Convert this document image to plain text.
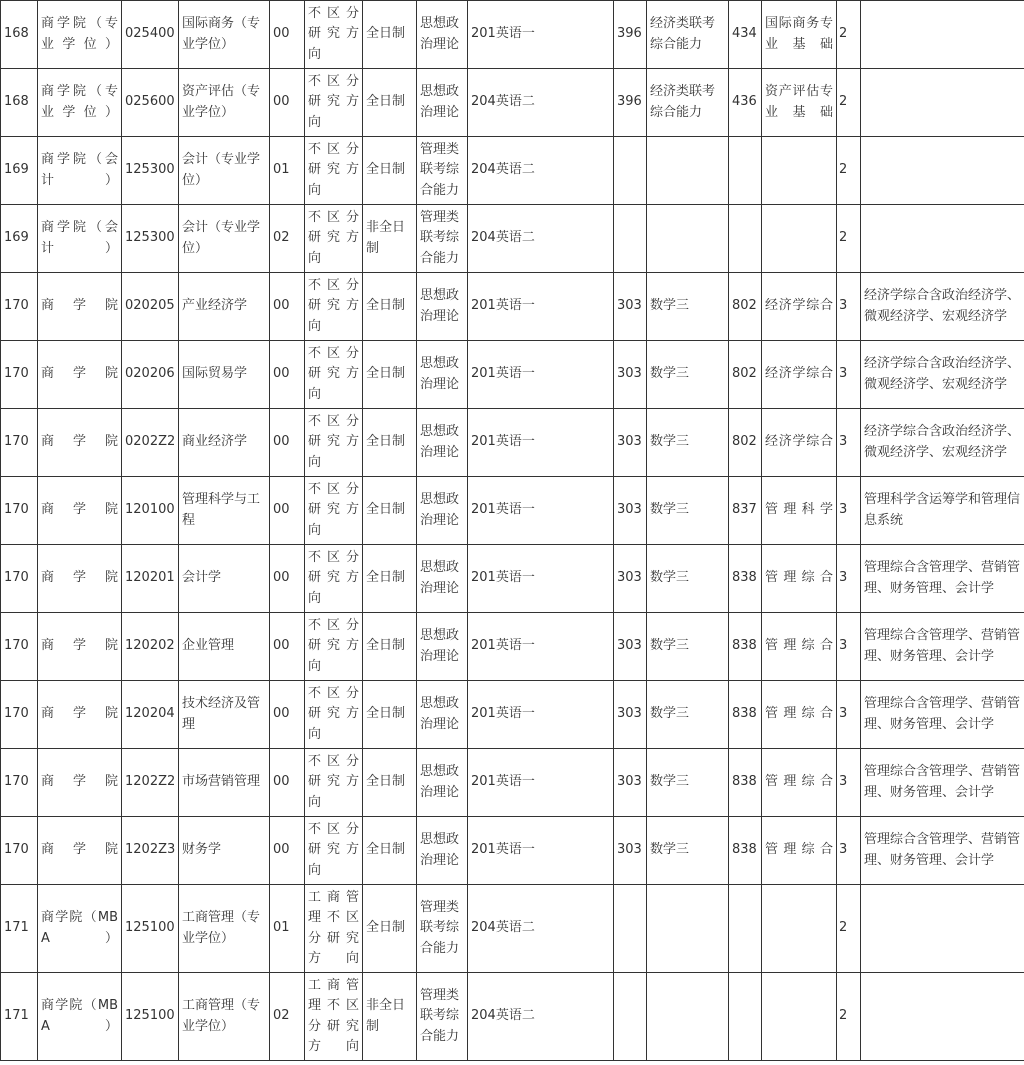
168	商学院（专业学位）	025400	国际商务（专业学位）	00	不区分研究方向	全日制	思想政治理论	201英语一	396	经济类联考综合能力	434	国际商务专业基础	2	
168	商学院（专业学位）	025600	资产评估（专业学位）	00	不区分研究方向	全日制	思想政治理论	204英语二	396	经济类联考综合能力	436	资产评估专业基础	2	
169	商学院（会计）	125300	会计（专业学位）	01	不区分研究方向	全日制	管理类联考综合能力	204英语二					2	
169	商学院（会计）	125300	会计（专业学位）	02	不区分研究方向	非全日制	管理类联考综合能力	204英语二					2	
170	商学院	020205	产业经济学	00	不区分研究方向	全日制	思想政治理论	201英语一	303	数学三	802	经济学综合	3	经济学综合含政治经济学、微观经济学、宏观经济学
170	商学院	020206	国际贸易学	00	不区分研究方向	全日制	思想政治理论	201英语一	303	数学三	802	经济学综合	3	经济学综合含政治经济学、微观经济学、宏观经济学
170	商学院	0202Z2	商业经济学	00	不区分研究方向	全日制	思想政治理论	201英语一	303	数学三	802	经济学综合	3	经济学综合含政治经济学、微观经济学、宏观经济学
170	商学院	120100	管理科学与工程	00	不区分研究方向	全日制	思想政治理论	201英语一	303	数学三	837	管理科学	3	管理科学含运筹学和管理信息系统
170	商学院	120201	会计学	00	不区分研究方向	全日制	思想政治理论	201英语一	303	数学三	838	管理综合	3	管理综合含管理学、营销管理、财务管理、会计学
170	商学院	120202	企业管理	00	不区分研究方向	全日制	思想政治理论	201英语一	303	数学三	838	管理综合	3	管理综合含管理学、营销管理、财务管理、会计学
170	商学院	120204	技术经济及管理	00	不区分研究方向	全日制	思想政治理论	201英语一	303	数学三	838	管理综合	3	管理综合含管理学、营销管理、财务管理、会计学
170	商学院	1202Z2	市场营销管理	00	不区分研究方向	全日制	思想政治理论	201英语一	303	数学三	838	管理综合	3	管理综合含管理学、营销管理、财务管理、会计学
170	商学院	1202Z3	财务学	00	不区分研究方向	全日制	思想政治理论	201英语一	303	数学三	838	管理综合	3	管理综合含管理学、营销管理、财务管理、会计学
171	商学院（MBA）	125100	工商管理（专业学位）	01	工商管理不区分研究方向	全日制	管理类联考综合能力	204英语二					2	
171	商学院（MBA）	125100	工商管理（专业学位）	02	工商管理不区分研究方向	非全日制	管理类联考综合能力	204英语二					2	
